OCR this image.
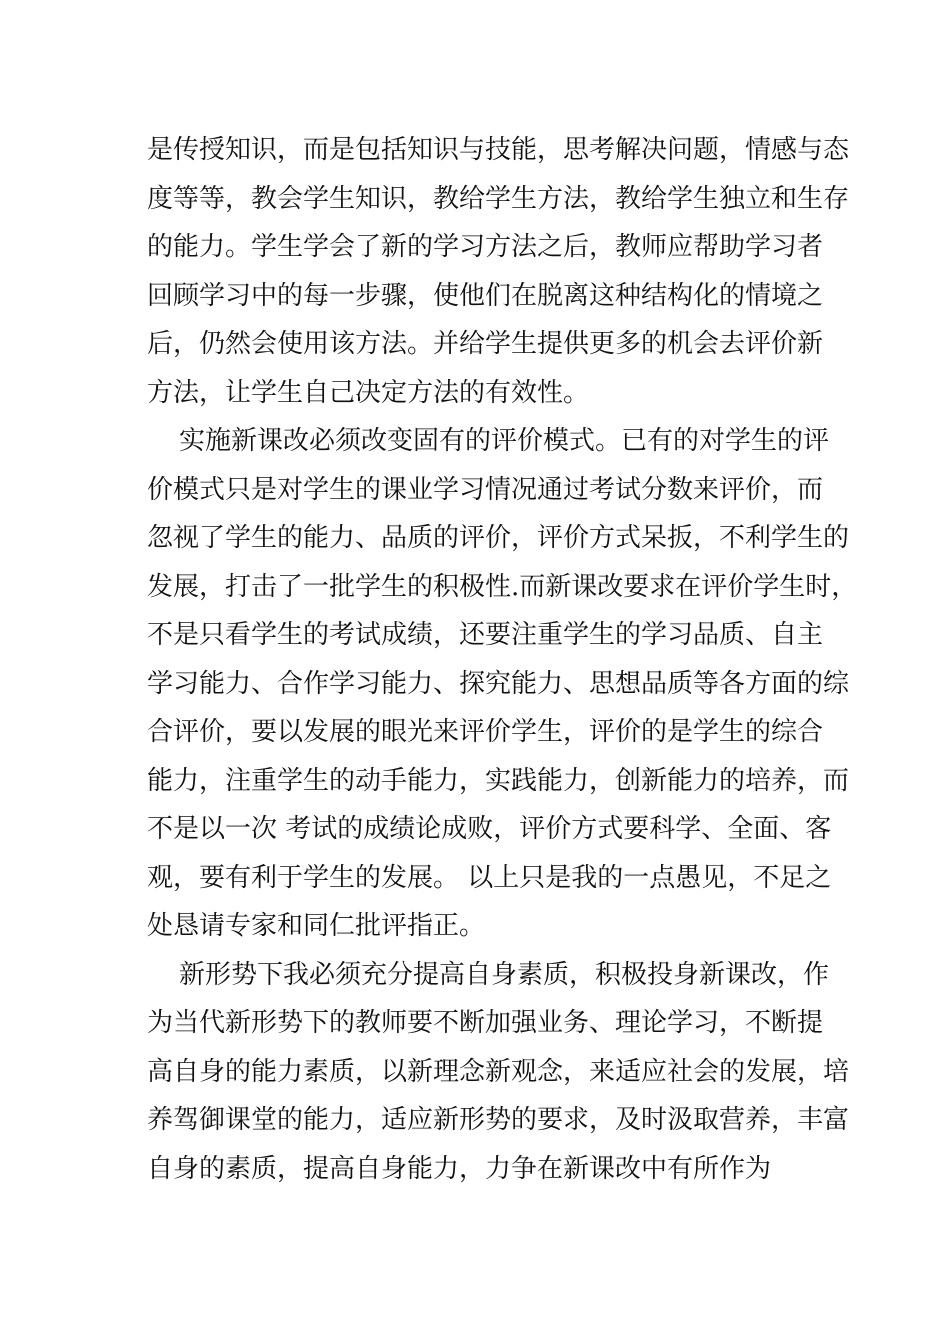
是传授知识，而是包括知识与技能，思考解决问题，情感与态
度等等，教会学生知识，教给学生方法，教给学生独立和生存
的能力。学生学会了新的学习方法之后，教师应帮助学习者
回顾学习中的每一步骤，使他们在脱离这种结构化的情境之
后，仍然会使用该方法。并给学生提供更多的机会去评价新
方法，让学生自己决定方法的有效性。
实施新课改必须改变固有的评价模式。已有的对学生的评
价模式只是对学生的课业学习情况通过考试分数来评价，而
忽视了学生的能力、品质的评价，评价方式呆扳，不利学生的
发展，打击了一批学生的积极性.而新课改要求在评价学生时，
不是只看学生的考试成绩，还要注重学生的学习品质、自主
学习能力、合作学习能力、探究能力、思想品质等各方面的综
合评价，要以发展的眼光来评价学生，评价的是学生的综合
能力，注重学生的动手能力，实践能力，创新能力的培养，而
不是以一次 考试的成绩论成败，评价方式要科学、全面、客
观，要有利于学生的发展。 以上只是我的一点愚见，不足之
处恳请专家和同仁批评指正。
新形势下我必须充分提高自身素质，积极投身新课改，作
为当代新形势下的教师要不断加强业务、理论学习，不断提
高自身的能力素质，以新理念新观念，来适应社会的发展，培
养驾御课堂的能力，适应新形势的要求，及时汲取营养，丰富
自身的素质，提高自身能力，力争在新课改中有所作为
